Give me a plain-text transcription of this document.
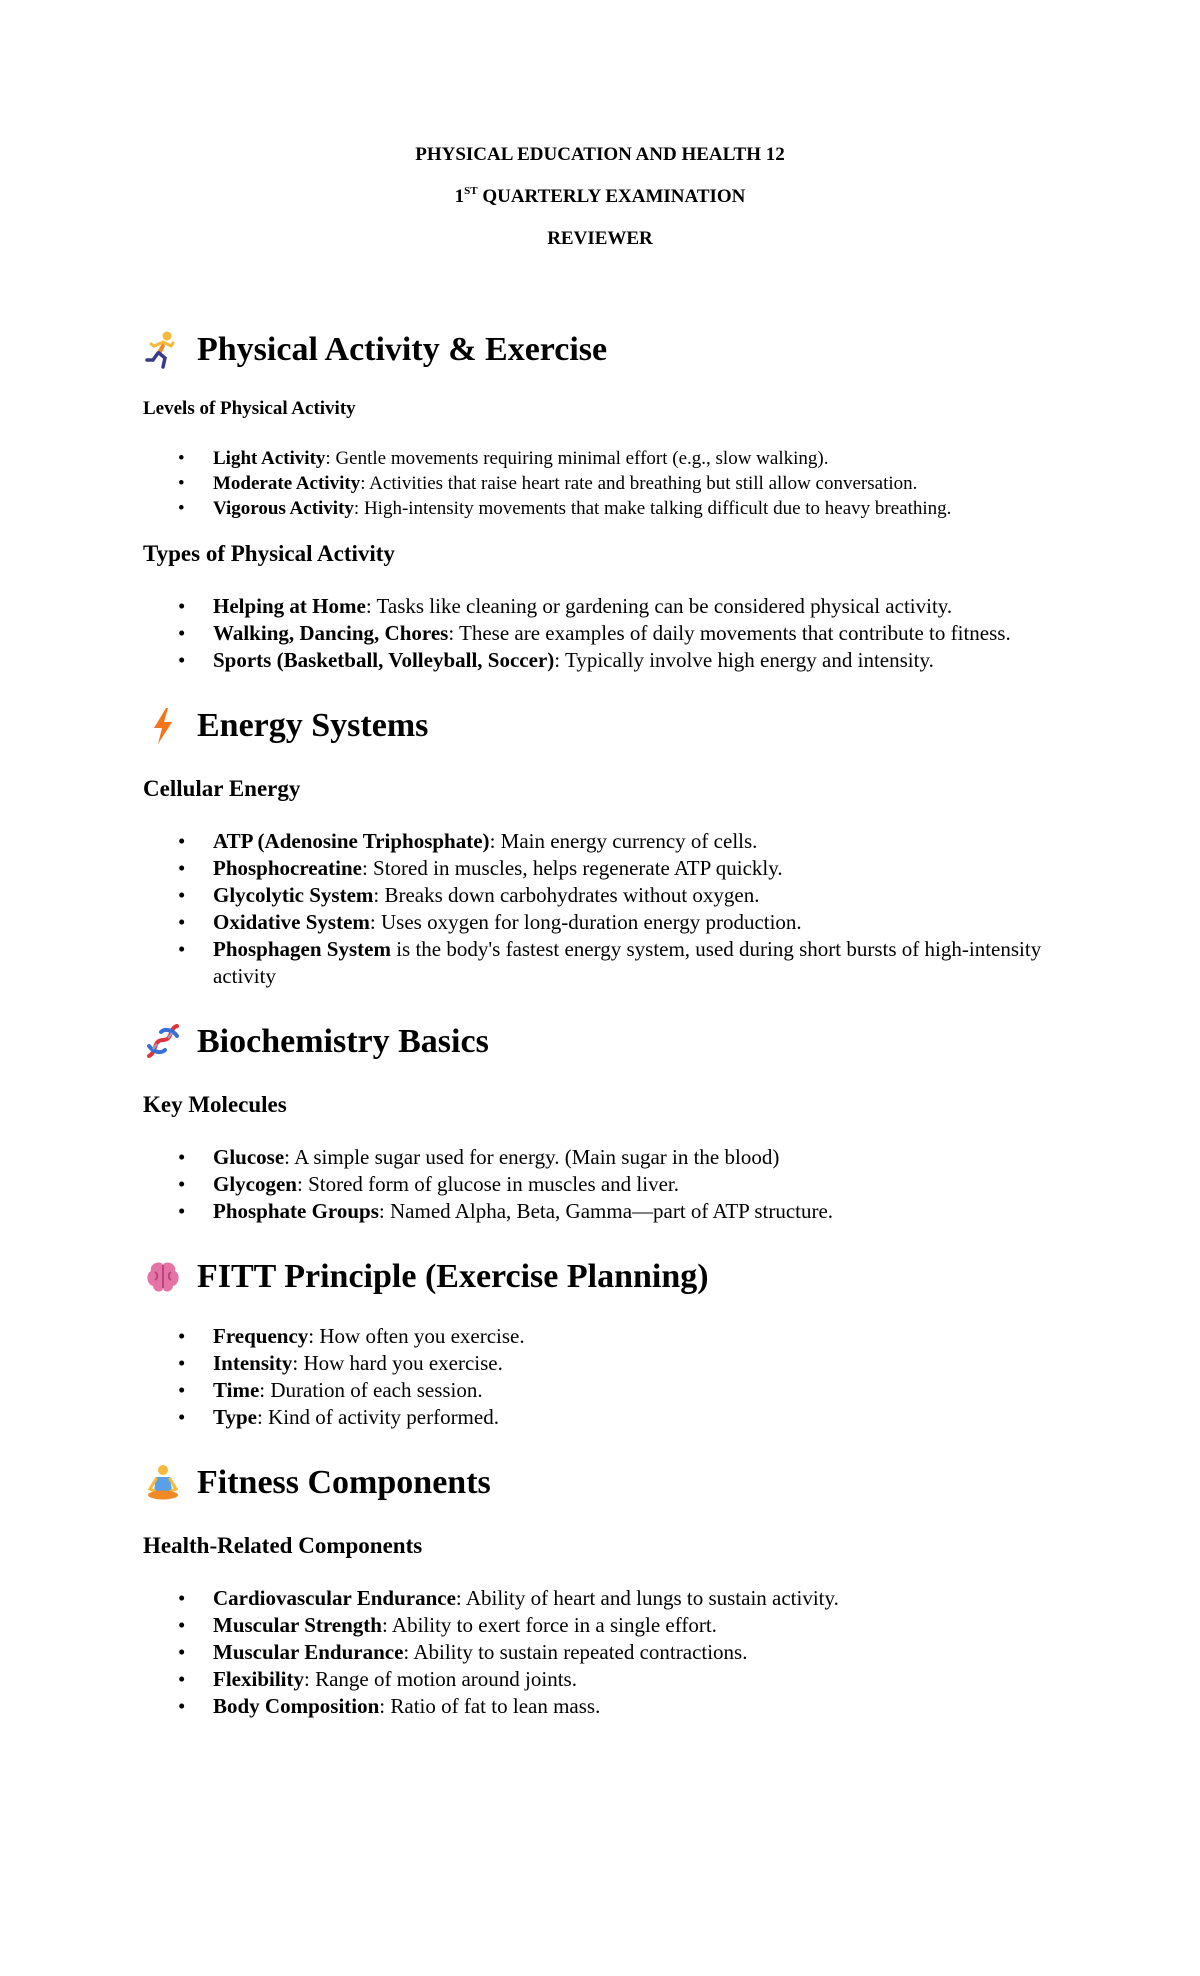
PHYSICAL EDUCATION AND HEALTH 12
1ST QUARTERLY EXAMINATION
REVIEWER
Physical Activity & Exercise
Levels of Physical Activity
• Light Activity: Gentle movements requiring minimal effort (e.g., slow walking).
• Moderate Activity: Activities that raise heart rate and breathing but still allow conversation.
• Vigorous Activity: High-intensity movements that make talking difficult due to heavy breathing.
Types of Physical Activity
• Helping at Home: Tasks like cleaning or gardening can be considered physical activity.
• Walking, Dancing, Chores: These are examples of daily movements that contribute to fitness.
• Sports (Basketball, Volleyball, Soccer): Typically involve high energy and intensity.
Energy Systems
Cellular Energy
• ATP (Adenosine Triphosphate): Main energy currency of cells.
• Phosphocreatine: Stored in muscles, helps regenerate ATP quickly.
• Glycolytic System: Breaks down carbohydrates without oxygen.
• Oxidative System: Uses oxygen for long-duration energy production.
• Phosphagen System is the body's fastest energy system, used during short bursts of high-intensity activity
Biochemistry Basics
Key Molecules
• Glucose: A simple sugar used for energy. (Main sugar in the blood)
• Glycogen: Stored form of glucose in muscles and liver.
• Phosphate Groups: Named Alpha, Beta, Gamma—part of ATP structure.
FITT Principle (Exercise Planning)
• Frequency: How often you exercise.
• Intensity: How hard you exercise.
• Time: Duration of each session.
• Type: Kind of activity performed.
Fitness Components
Health-Related Components
• Cardiovascular Endurance: Ability of heart and lungs to sustain activity.
• Muscular Strength: Ability to exert force in a single effort.
• Muscular Endurance: Ability to sustain repeated contractions.
• Flexibility: Range of motion around joints.
• Body Composition: Ratio of fat to lean mass.
